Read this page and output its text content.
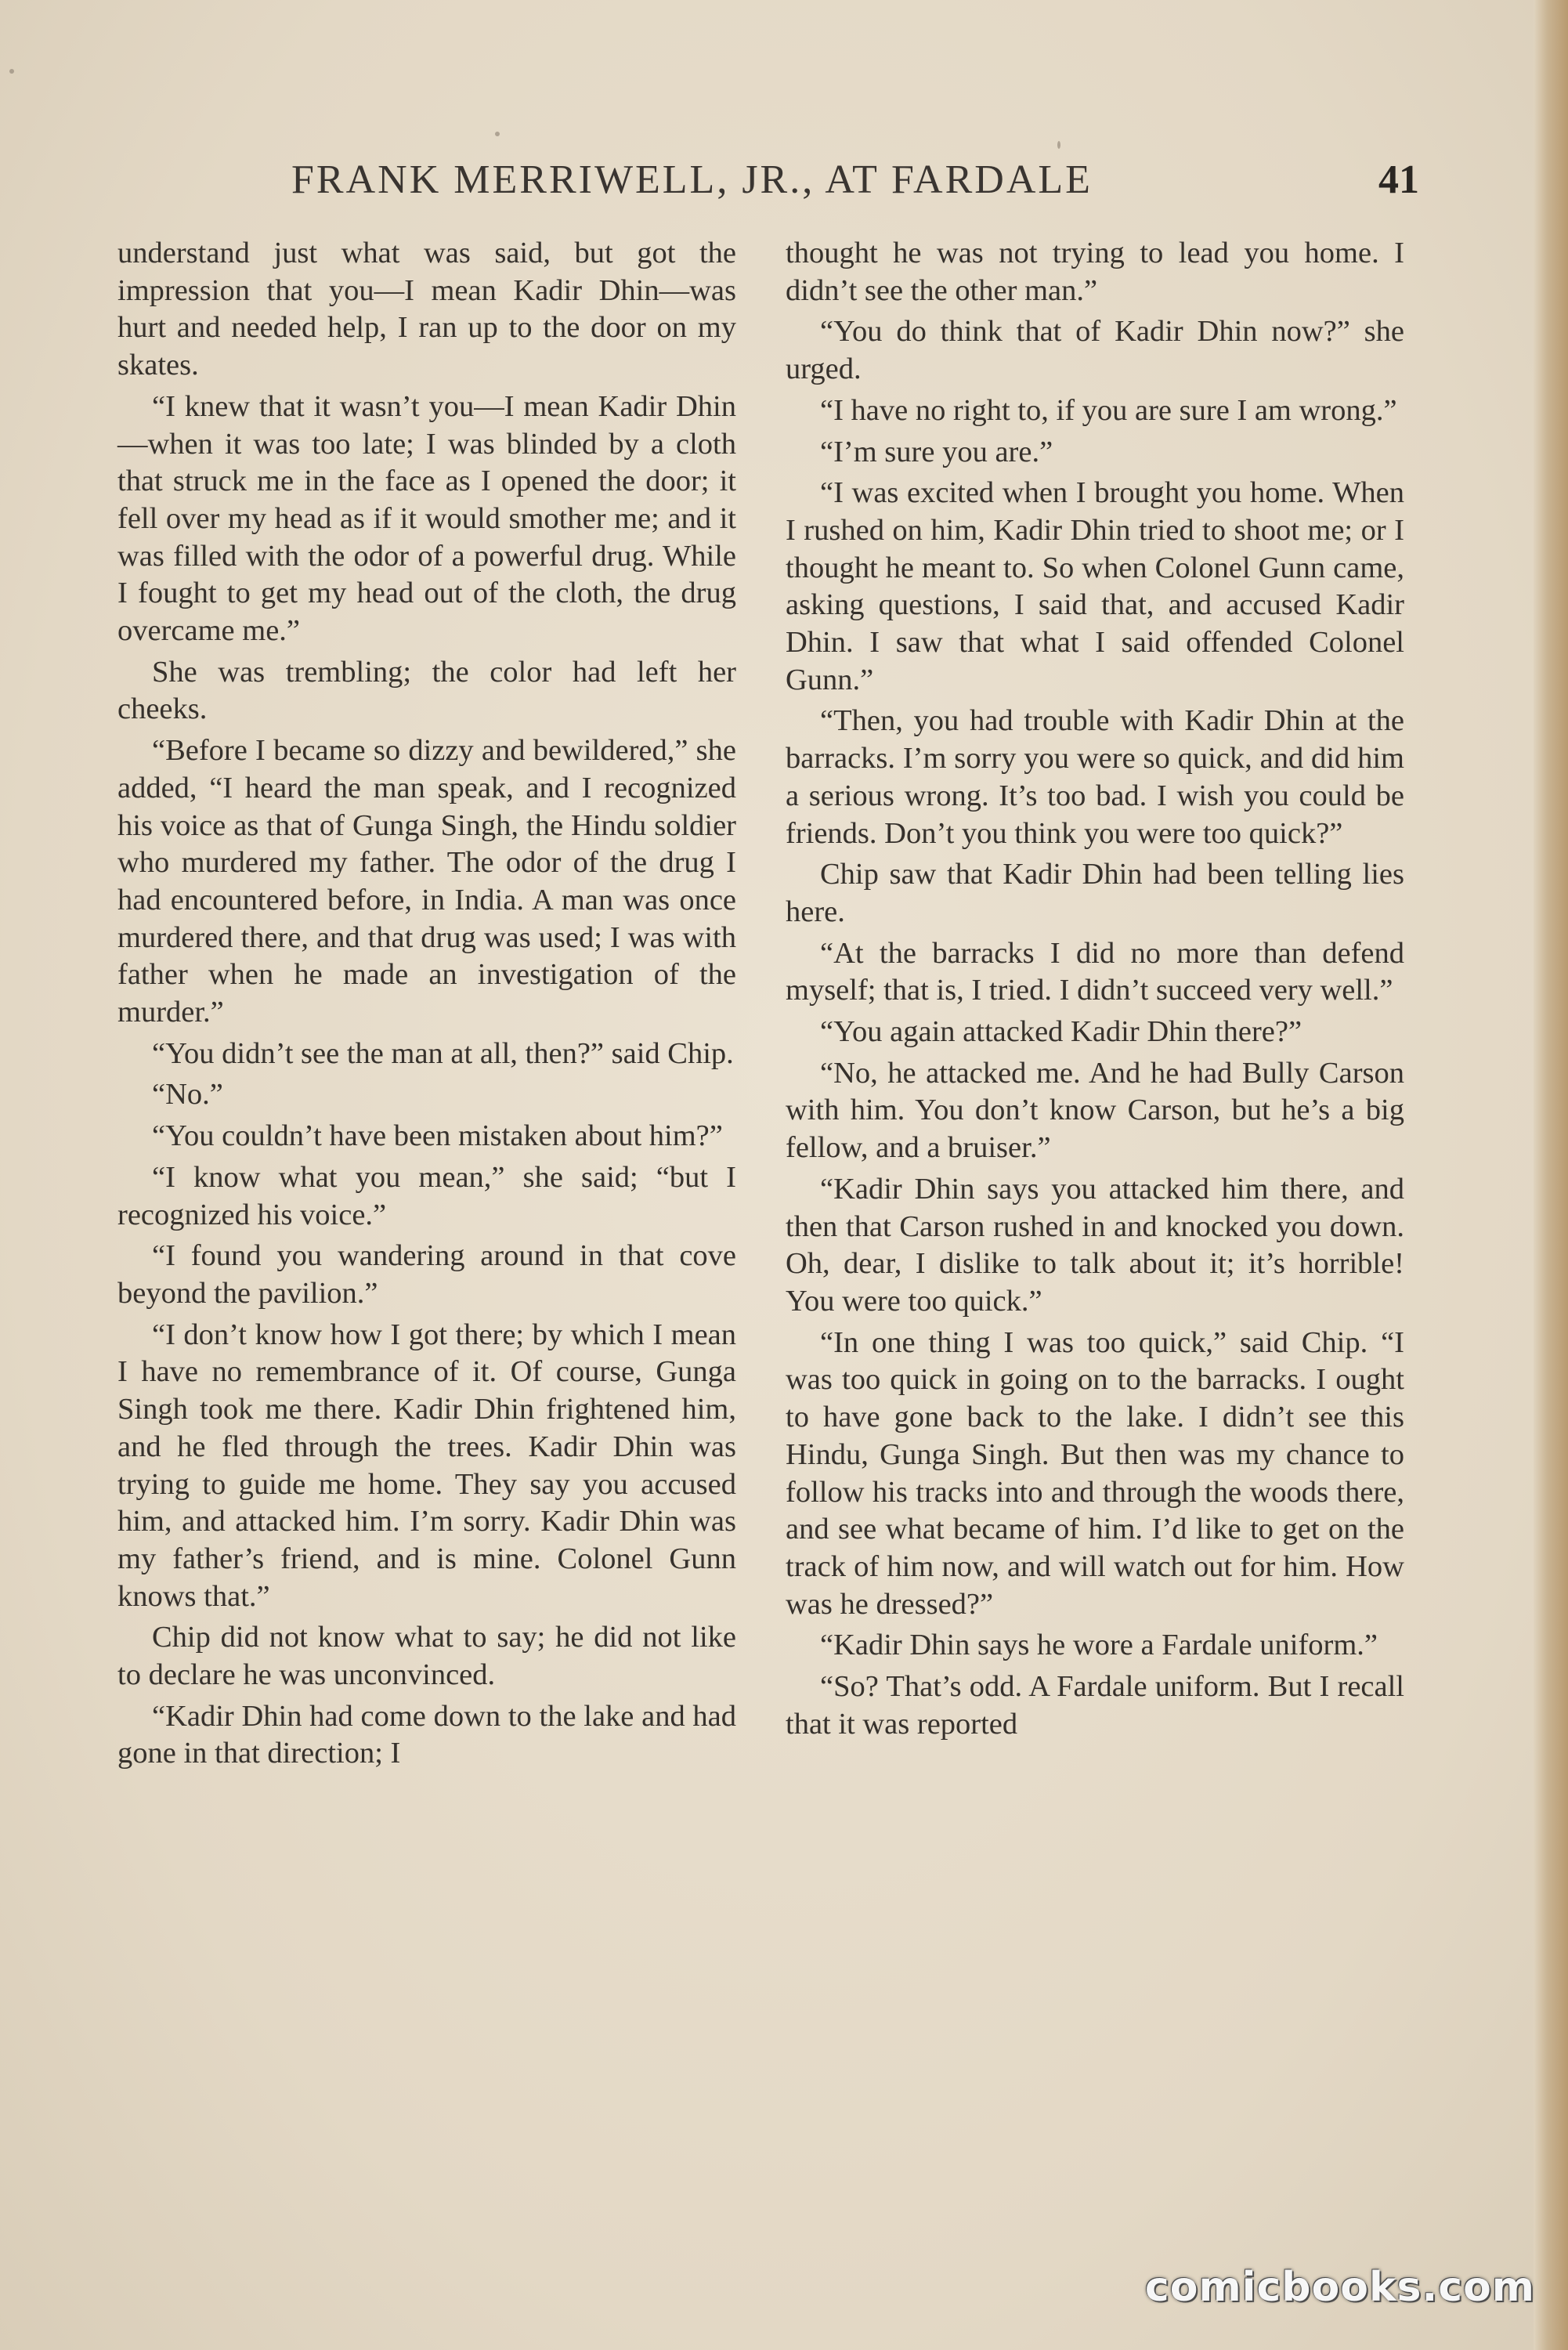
FRANK MERRIWELL, JR., AT FARDALE	41

understand just what was said, but got the impression that you—I mean Kadir Dhin—was hurt and needed help, I ran up to the door on my skates.

“I knew that it wasn’t you—I mean Kadir Dhin—when it was too late; I was blinded by a cloth that struck me in the face as I opened the door; it fell over my head as if it would smother me; and it was filled with the odor of a powerful drug. While I fought to get my head out of the cloth, the drug overcame me.”

She was trembling; the color had left her cheeks.

“Before I became so dizzy and bewildered,” she added, “I heard the man speak, and I recognized his voice as that of Gunga Singh, the Hindu soldier who murdered my father. The odor of the drug I had encountered before, in India. A man was once murdered there, and that drug was used; I was with father when he made an investigation of the murder.”

“You didn’t see the man at all, then?” said Chip.

“No.”

“You couldn’t have been mistaken about him?”

“I know what you mean,” she said; “but I recognized his voice.”

“I found you wandering around in that cove beyond the pavilion.”

“I don’t know how I got there; by which I mean I have no remembrance of it. Of course, Gunga Singh took me there. Kadir Dhin frightened him, and he fled through the trees. Kadir Dhin was trying to guide me home. They say you accused him, and attacked him. I’m sorry. Kadir Dhin was my father’s friend, and is mine. Colonel Gunn knows that.”

Chip did not know what to say; he did not like to declare he was unconvinced.

“Kadir Dhin had come down to the lake and had gone in that direction; I

thought he was not trying to lead you home. I didn’t see the other man.”

“You do think that of Kadir Dhin now?” she urged.

“I have no right to, if you are sure I am wrong.”

“I’m sure you are.”

“I was excited when I brought you home. When I rushed on him, Kadir Dhin tried to shoot me; or I thought he meant to. So when Colonel Gunn came, asking questions, I said that, and accused Kadir Dhin. I saw that what I said offended Colonel Gunn.”

“Then, you had trouble with Kadir Dhin at the barracks. I’m sorry you were so quick, and did him a serious wrong. It’s too bad. I wish you could be friends. Don’t you think you were too quick?”

Chip saw that Kadir Dhin had been telling lies here.

“At the barracks I did no more than defend myself; that is, I tried. I didn’t succeed very well.”

“You again attacked Kadir Dhin there?”

“No, he attacked me. And he had Bully Carson with him. You don’t know Carson, but he’s a big fellow, and a bruiser.”

“Kadir Dhin says you attacked him there, and then that Carson rushed in and knocked you down. Oh, dear, I dislike to talk about it; it’s horrible! You were too quick.”

“In one thing I was too quick,” said Chip. “I was too quick in going on to the barracks. I ought to have gone back to the lake. I didn’t see this Hindu, Gunga Singh. But then was my chance to follow his tracks into and through the woods there, and see what became of him. I’d like to get on the track of him now, and will watch out for him. How was he dressed?”

“Kadir Dhin says he wore a Fardale uniform.”

“So? That’s odd. A Fardale uniform. But I recall that it was reported

comicbooks.com
